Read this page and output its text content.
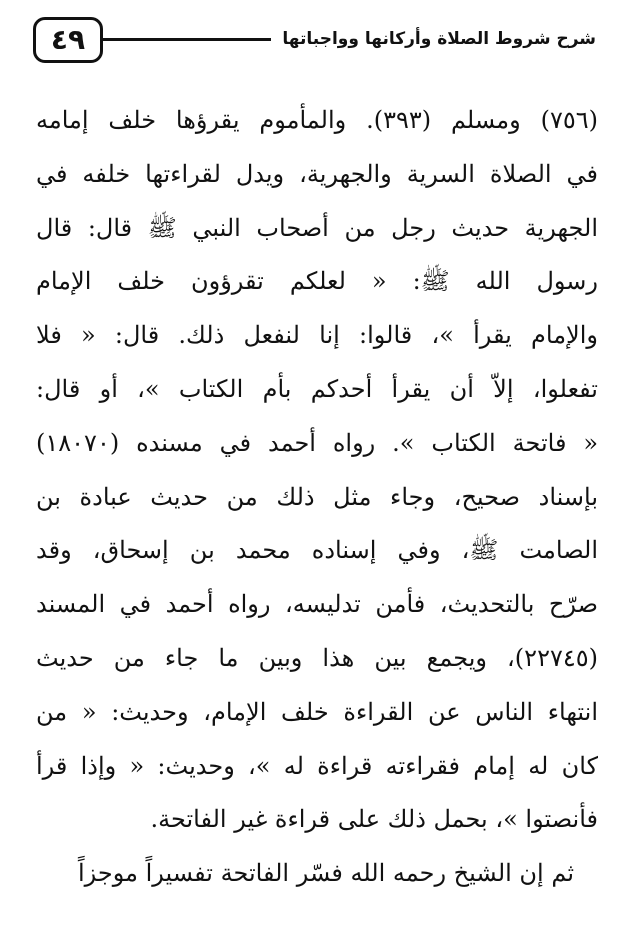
٤٩	شرح شروط الصلاة وأركانها وواجباتها
(٧٥٦) ومسلم (٣٩٣). والمأموم يقرؤها خلف إمامه
في الصلاة السرية والجهرية، ويدل لقراءتها خلفه في
الجهرية حديث رجل من أصحاب النبي ﷺ قال: قال
رسول الله ﷺ: « لعلكم تقرؤون خلف الإمام
والإمام يقرأ »، قالوا: إنا لنفعل ذلك. قال: « فلا
تفعلوا، إلاّ أن يقرأ أحدكم بأم الكتاب »، أو قال:
« فاتحة الكتاب ». رواه أحمد في مسنده (١٨٠٧٠)
بإسناد صحيح، وجاء مثل ذلك من حديث عبادة بن
الصامت ﷺ، وفي إسناده محمد بن إسحاق، وقد
صرّح بالتحديث، فأمن تدليسه، رواه أحمد في المسند
(٢٢٧٤٥)، ويجمع بين هذا وبين ما جاء من حديث
انتهاء الناس عن القراءة خلف الإمام، وحديث: « من
كان له إمام فقراءته قراءة له »، وحديث: « وإذا قرأ
فأنصتوا »، بحمل ذلك على قراءة غير الفاتحة.
ثم إن الشيخ رحمه الله فسّر الفاتحة تفسيراً موجزاً
